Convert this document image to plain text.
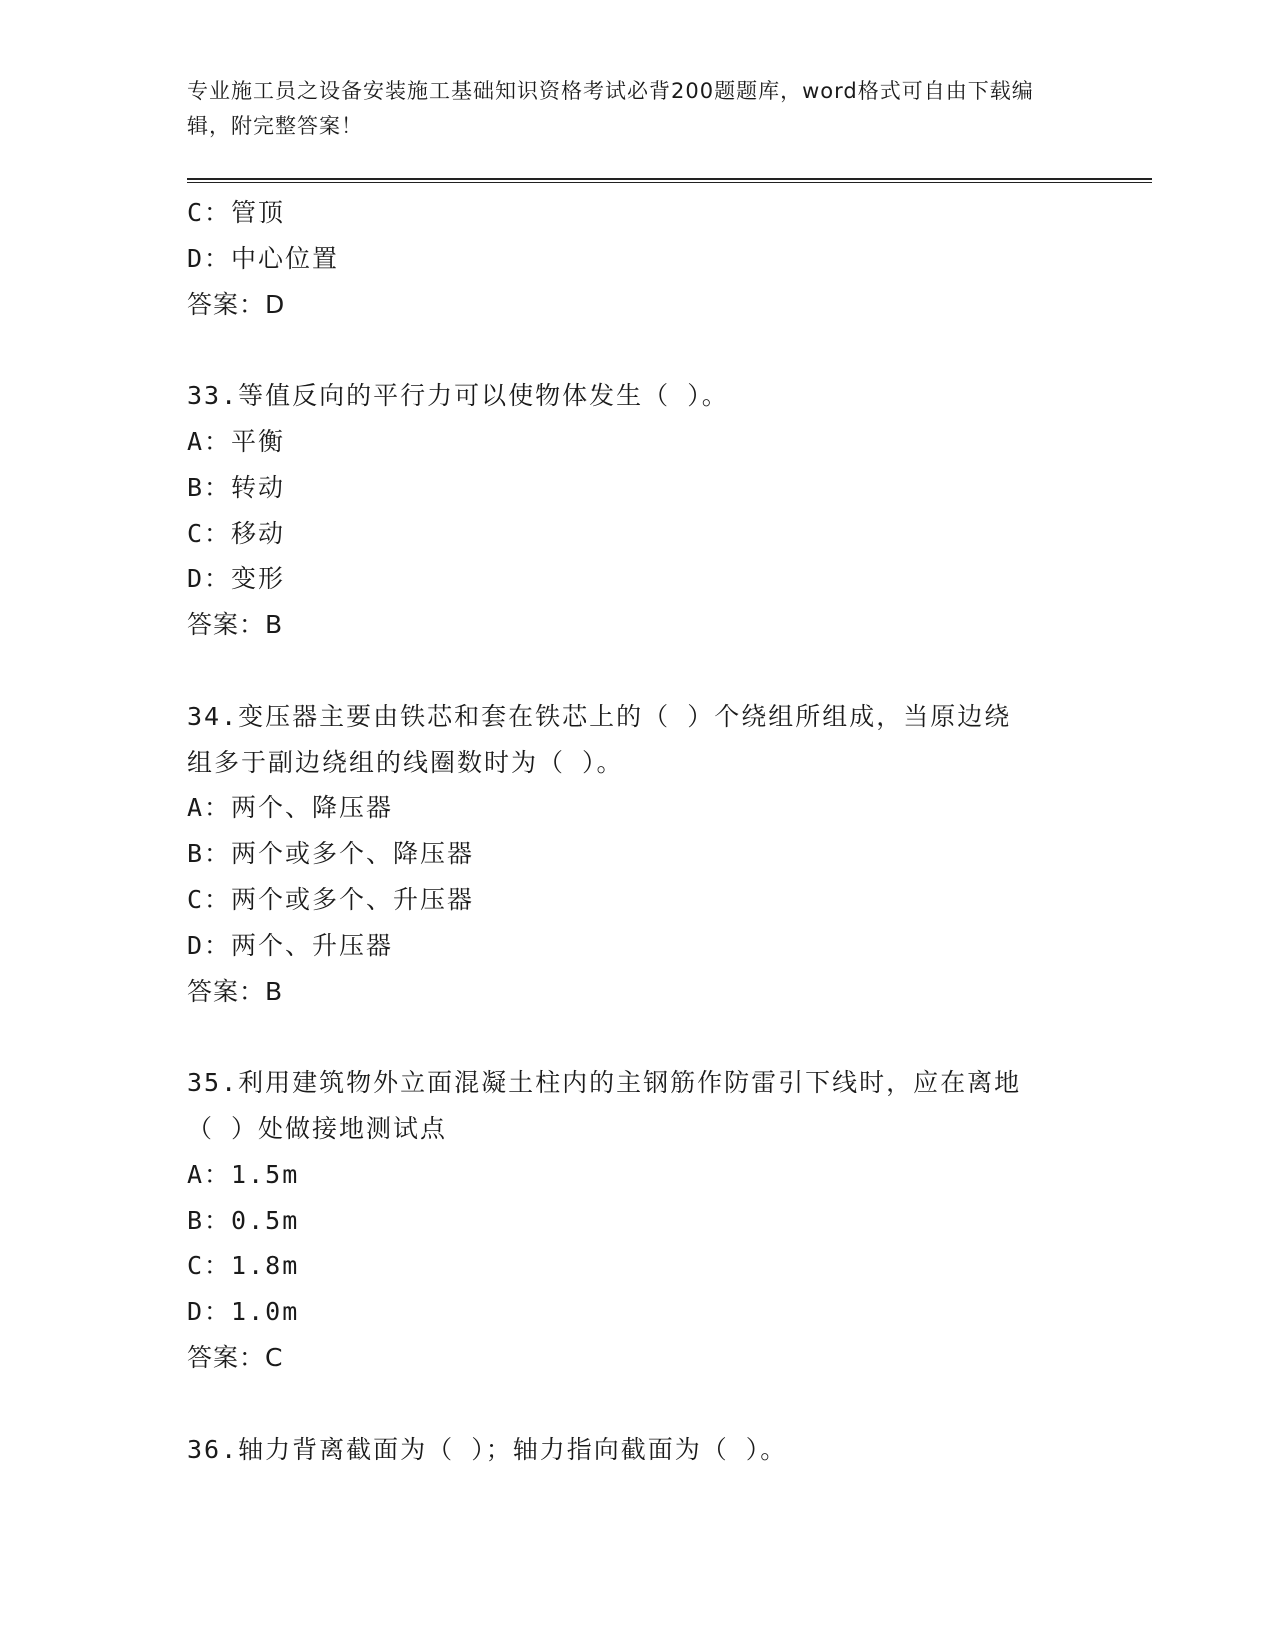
专业施工员之设备安装施工基础知识资格考试必背200题题库，word格式可自由下载编辑，附完整答案！

C：管顶

D：中心位置

答案：D

33.等值反向的平行力可以使物体发生（ ）。

A：平衡

B：转动

C：移动

D：变形

答案：B

34.变压器主要由铁芯和套在铁芯上的（ ）个绕组所组成，当原边绕

组多于副边绕组的线圈数时为（ ）。

A：两个、降压器

B：两个或多个、降压器

C：两个或多个、升压器

D：两个、升压器

答案：B

35.利用建筑物外立面混凝土柱内的主钢筋作防雷引下线时，应在离地

（ ）处做接地测试点

A：1.5m

B：0.5m

C：1.8m

D：1.0m

答案：C

36.轴力背离截面为（ ）；轴力指向截面为（ ）。
